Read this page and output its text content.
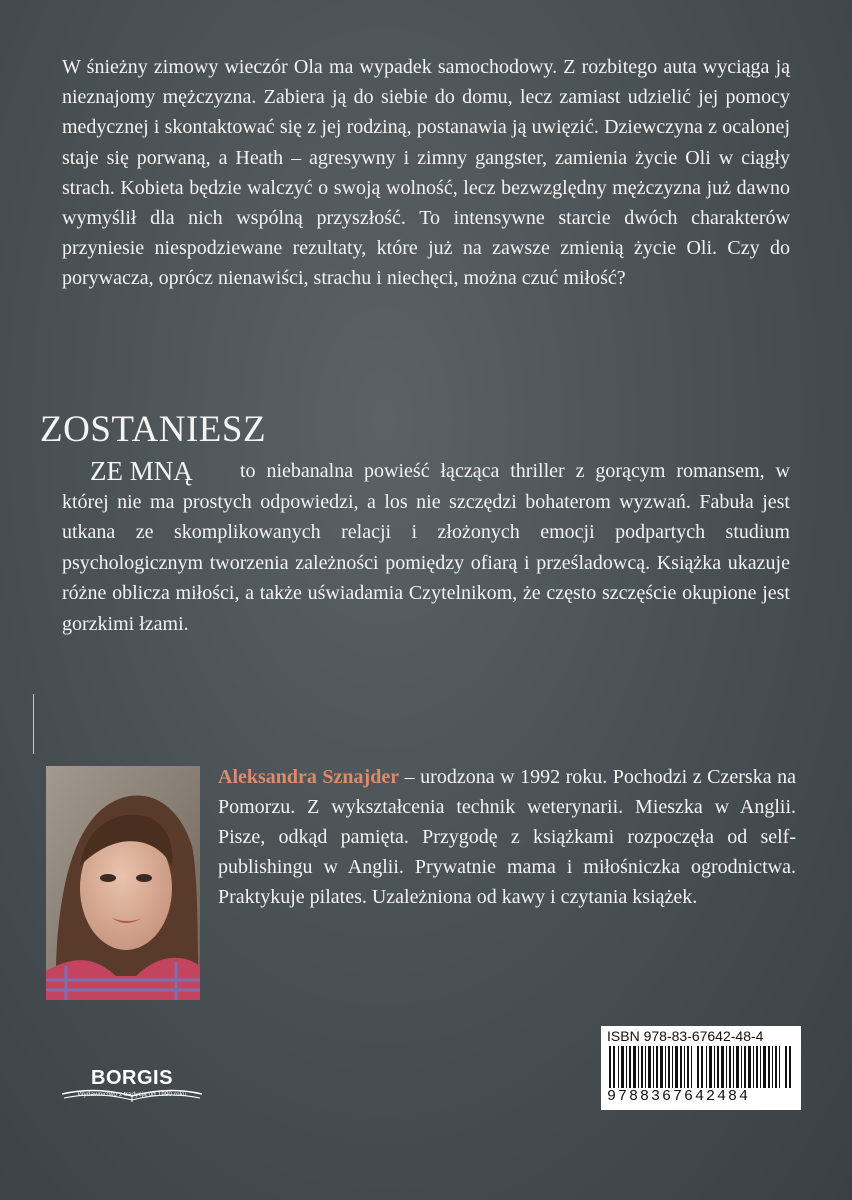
W śnieżny zimowy wieczór Ola ma wypadek samochodowy. Z rozbitego auta wyciąga ją nieznajomy mężczyzna. Zabiera ją do siebie do domu, lecz zamiast udzielić jej pomocy medycznej i skontaktować się z jej rodziną, postanawia ją uwięzić. Dziewczyna z ocalonej staje się porwaną, a Heath – agresywny i zimny gangster, zamienia życie Oli w ciągły strach. Kobieta będzie walczyć o swoją wolność, lecz bezwzględny mężczyzna już dawno wymyślił dla nich wspólną przyszłość. To intensywne starcie dwóch charakterów przyniesie niespodziewane rezultaty, które już na zawsze zmienią życie Oli. Czy do porywacza, oprócz nienawiści, strachu i niechęci, można czuć miłość?
ZOSTANIESZ
ZE MNĄ	to niebanalna powieść łącząca thriller z gorącym romansem, w której nie ma prostych odpowiedzi, a los nie szczędzi bohaterom wyzwań. Fabuła jest utkana ze skomplikowanych relacji i złożonych emocji podpartych studium psychologicznym tworzenia zależności pomiędzy ofiarą i prześladowcą. Książka ukazuje różne oblicza miłości, a także uświadamia Czytelnikom, że często szczęście okupione jest gorzkimi łzami.
Aleksandra Sznajder – urodzona w 1992 roku. Pochodzi z Czerska na Pomorzu. Z wykształcenia technik weterynarii. Mieszka w Anglii. Pisze, odkąd pamięta. Przygodę z książkami rozpoczęła od self-publishingu w Anglii. Prywatnie mama i miłośniczka ogrodnictwa. Praktykuje pilates. Uzależniona od kawy i czytania książek.
ISBN 978-83-67642-48-4
9788367642484
BORGIS
Wydawnictwo z tradycją od 1990 roku
